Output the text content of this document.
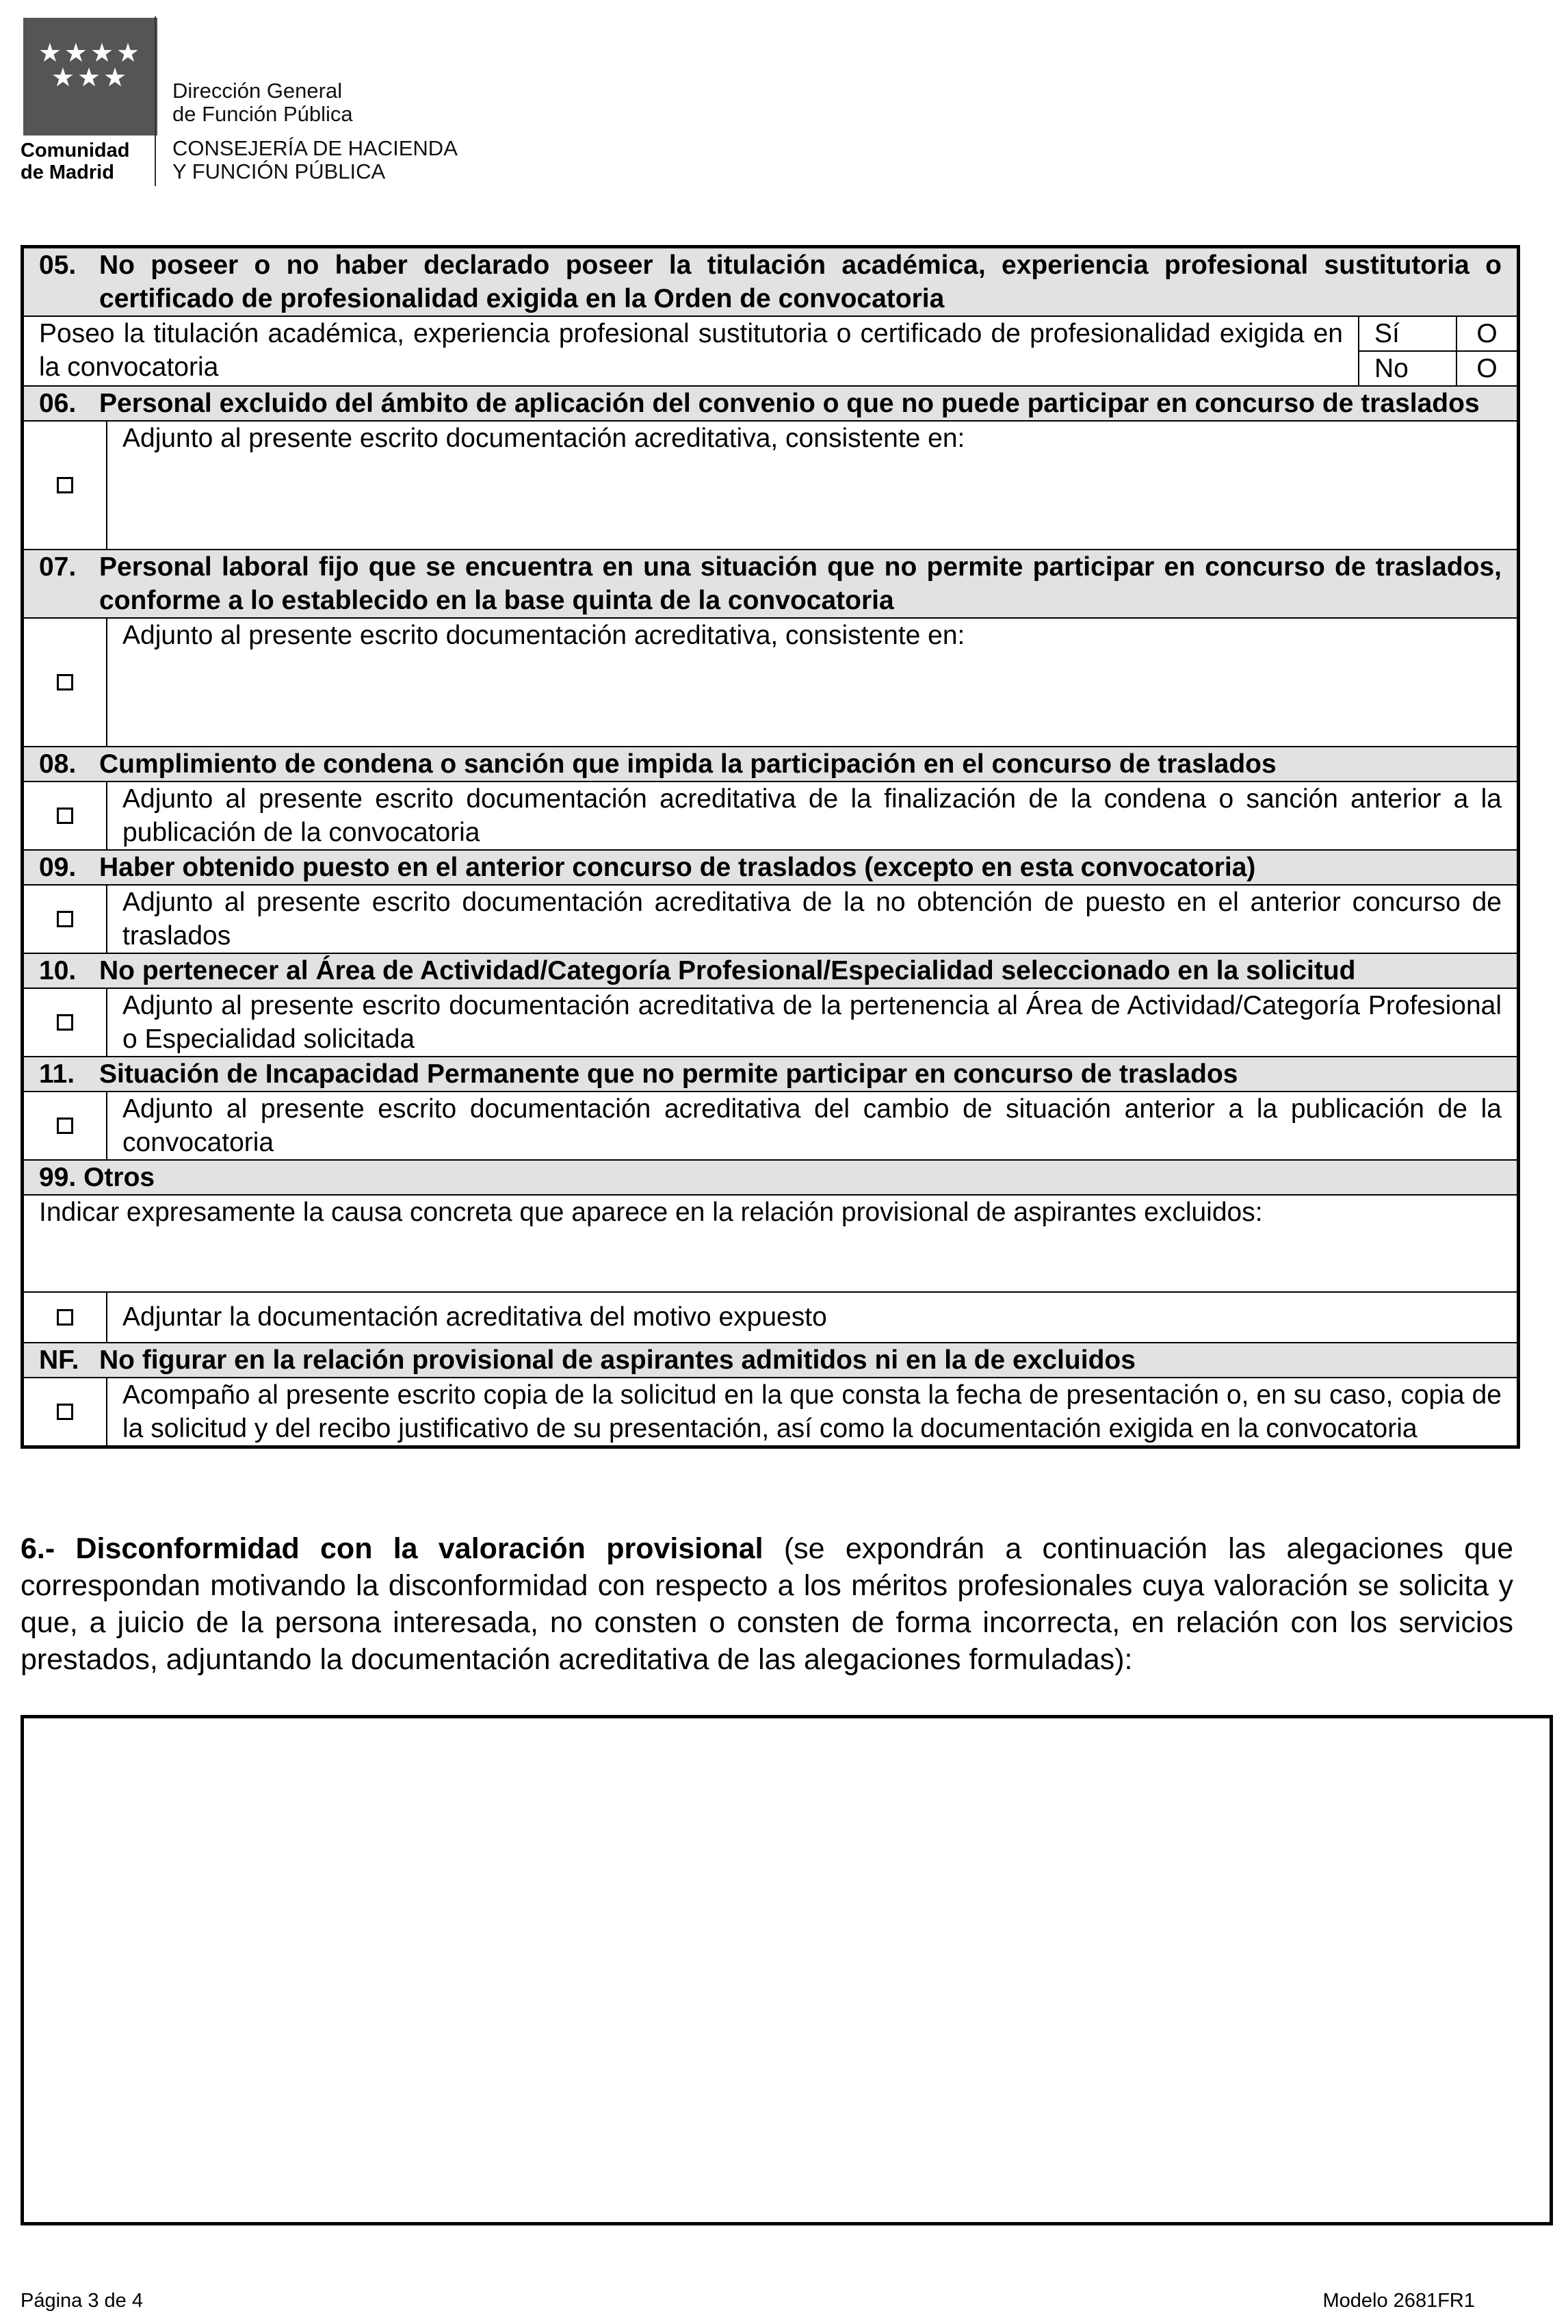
★★★★
★★★
Comunidad
de Madrid
Dirección General
de Función Pública
CONSEJERÍA DE HACIENDA
Y FUNCIÓN PÚBLICA
05. No poseer o no haber declarado poseer la titulación académica, experiencia profesional sustitutoria o certificado de profesionalidad exigida en la Orden de convocatoria
Poseo la titulación académica, experiencia profesional sustitutoria o certificado de profesionalidad exigida en la convocatoria
Sí	O
No	O
06. Personal excluido del ámbito de aplicación del convenio o que no puede participar en concurso de traslados
Adjunto al presente escrito documentación acreditativa, consistente en:
07. Personal laboral fijo que se encuentra en una situación que no permite participar en concurso de traslados, conforme a lo establecido en la base quinta de la convocatoria
Adjunto al presente escrito documentación acreditativa, consistente en:
08. Cumplimiento de condena o sanción que impida la participación en el concurso de traslados
Adjunto al presente escrito documentación acreditativa de la finalización de la condena o sanción anterior a la publicación de la convocatoria
09. Haber obtenido puesto en el anterior concurso de traslados (excepto en esta convocatoria)
Adjunto al presente escrito documentación acreditativa de la no obtención de puesto en el anterior concurso de traslados
10. No pertenecer al Área de Actividad/Categoría Profesional/Especialidad seleccionado en la solicitud
Adjunto al presente escrito documentación acreditativa de la pertenencia al Área de Actividad/Categoría Profesional o Especialidad solicitada
11. Situación de Incapacidad Permanente que no permite participar en concurso de traslados
Adjunto al presente escrito documentación acreditativa del cambio de situación anterior a la publicación de la convocatoria
99.
Otros
Indicar expresamente la causa concreta que aparece en la relación provisional de aspirantes excluidos:
Adjuntar la documentación acreditativa del motivo expuesto
NF. No figurar en la relación provisional de aspirantes admitidos ni en la de excluidos
Acompaño al presente escrito copia de la solicitud en la que consta la fecha de presentación o, en su caso, copia de la solicitud y del recibo justificativo de su presentación, así como la documentación exigida en la convocatoria
6.- Disconformidad con la valoración provisional (se expondrán a continuación las alegaciones que correspondan motivando la disconformidad con respecto a los méritos profesionales cuya valoración se solicita y que, a juicio de la persona interesada, no consten o consten de forma incorrecta, en relación con los servicios prestados, adjuntando la documentación acreditativa de las alegaciones formuladas):
Página 3 de 4	Modelo 2681FR1
